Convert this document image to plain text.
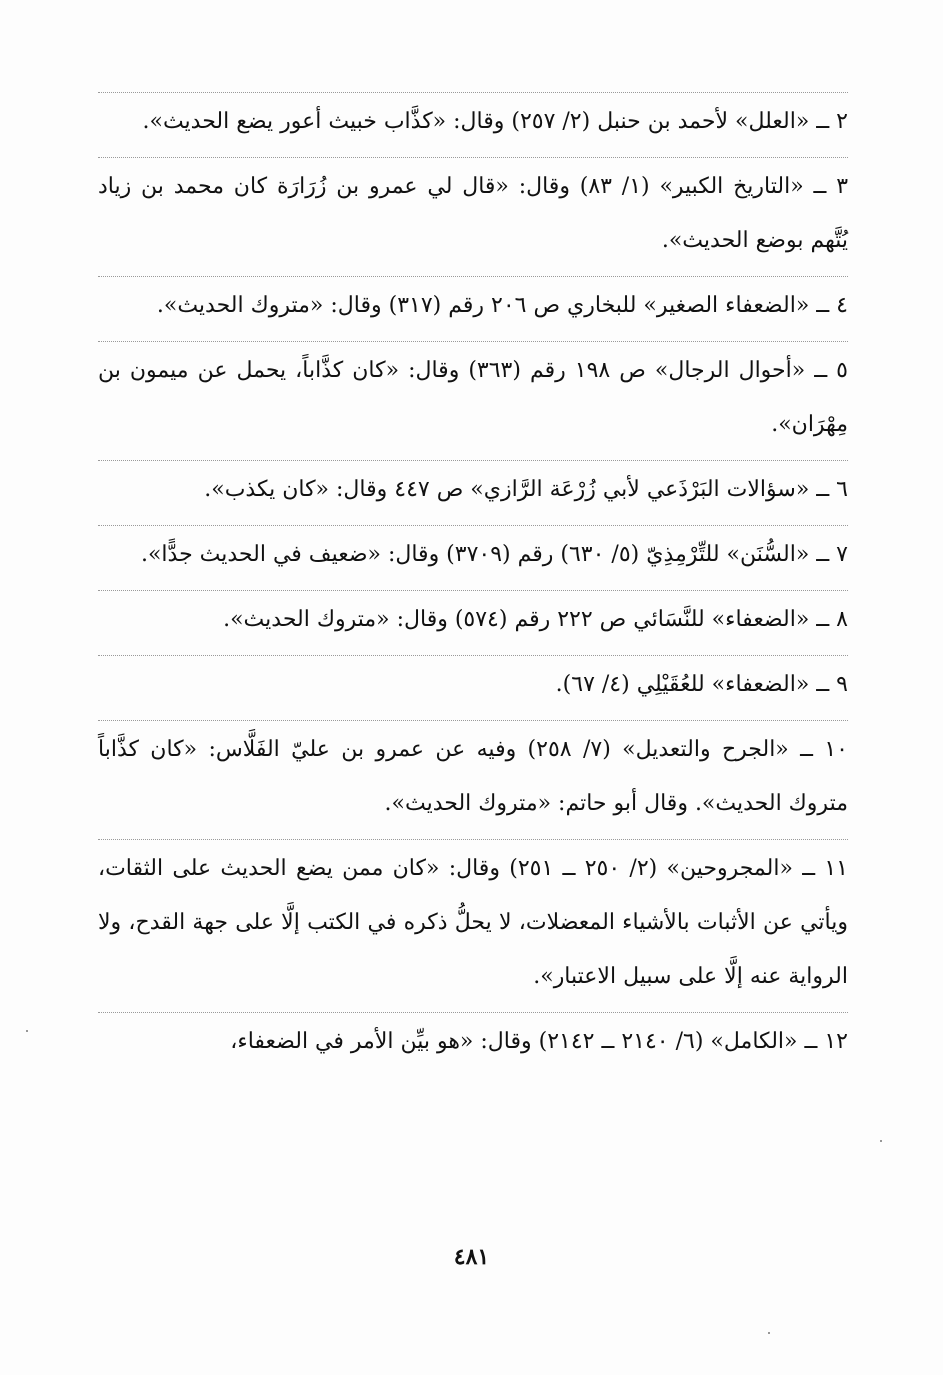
٢ ــ «العلل» لأحمد بن حنبل (٢/ ٢٥٧) وقال: «كذَّاب خبيث أعور يضع الحديث».

٣ ــ «التاريخ الكبير» (١/ ٨٣) وقال: «قال لي عمرو بن زُرَارَة كان محمد بن زياد يُتَّهم بوضع الحديث».

٤ ــ «الضعفاء الصغير» للبخاري ص ٢٠٦ رقم (٣١٧) وقال: «متروك الحديث».

٥ ــ «أحوال الرجال» ص ١٩٨ رقم (٣٦٣) وقال: «كان كذَّاباً، يحمل عن ميمون بن مِهْرَان».

٦ ــ «سؤالات البَرْذَعي لأبي زُرْعَة الرَّازي» ص ٤٤٧ وقال: «كان يكذب».

٧ ــ «السُّنَن» للتِّرْمِذِيّ (٥/ ٦٣٠) رقم (٣٧٠٩) وقال: «ضعيف في الحديث جدًّا».

٨ ــ «الضعفاء» للنَّسَائي ص ٢٢٢ رقم (٥٧٤) وقال: «متروك الحديث».

٩ ــ «الضعفاء» للعُقَيْلِي (٤/ ٦٧).

١٠ ــ «الجرح والتعديل» (٧/ ٢٥٨) وفيه عن عمرو بن عليّ الفَلَّاس: «كان كذَّاباً متروك الحديث». وقال أبو حاتم: «متروك الحديث».

١١ ــ «المجروحين» (٢/ ٢٥٠ ــ ٢٥١) وقال: «كان ممن يضع الحديث على الثقات، ويأتي عن الأثبات بالأشياء المعضلات، لا يحلُّ ذكره في الكتب إلَّا على جهة القدح، ولا الرواية عنه إلَّا على سبيل الاعتبار».

١٢ ــ «الكامل» (٦/ ٢١٤٠ ــ ٢١٤٢) وقال: «هو بيِّن الأمر في الضعفاء،

٤٨١
